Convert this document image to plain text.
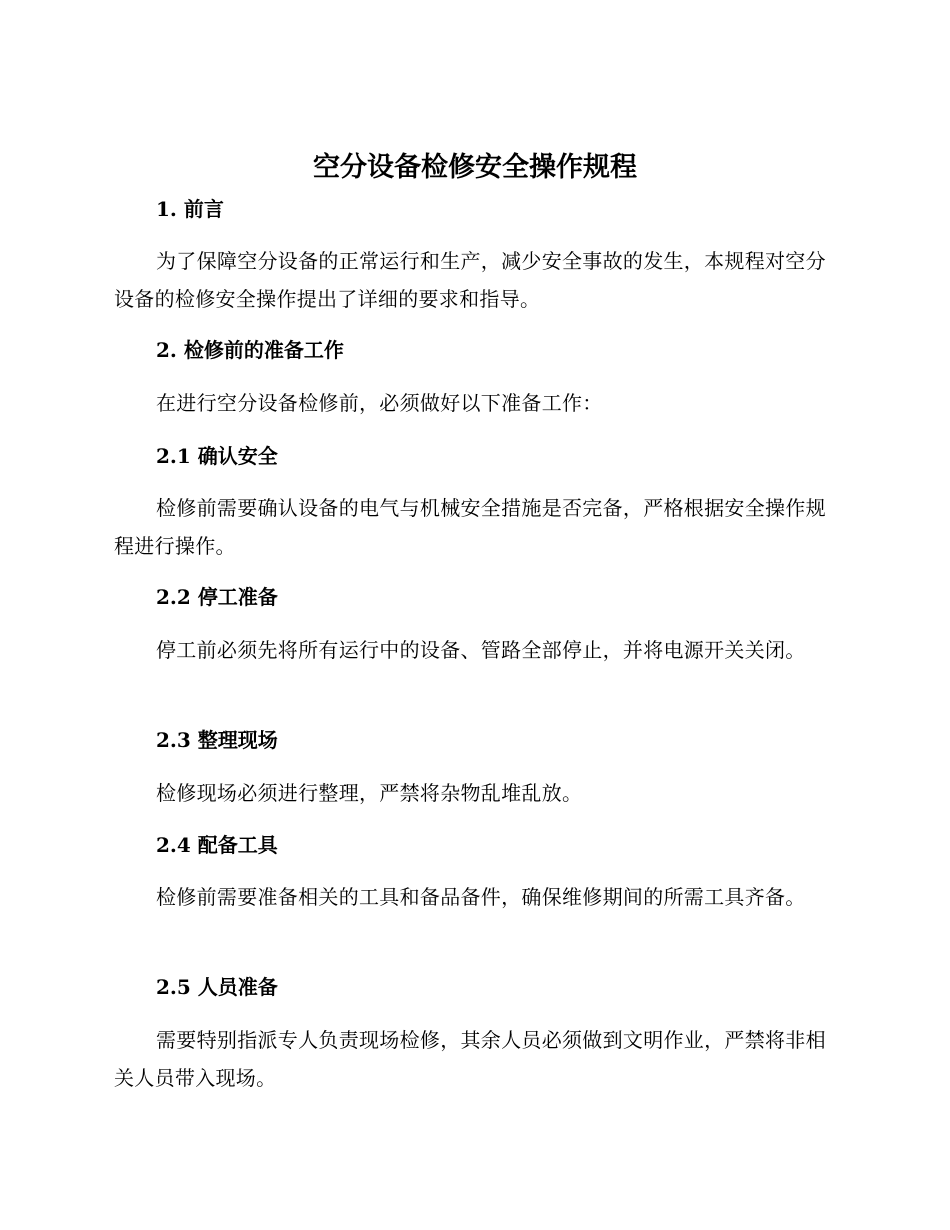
空分设备检修安全操作规程
1. 前言
为了保障空分设备的正常运行和生产，减少安全事故的发生，本规程对空分设备的检修安全操作提出了详细的要求和指导。
2. 检修前的准备工作
在进行空分设备检修前，必须做好以下准备工作：
2.1 确认安全
检修前需要确认设备的电气与机械安全措施是否完备，严格根据安全操作规程进行操作。
2.2 停工准备
停工前必须先将所有运行中的设备、管路全部停止，并将电源开关关闭。
2.3 整理现场
检修现场必须进行整理，严禁将杂物乱堆乱放。
2.4 配备工具
检修前需要准备相关的工具和备品备件，确保维修期间的所需工具齐备。
2.5 人员准备
需要特别指派专人负责现场检修，其余人员必须做到文明作业，严禁将非相关人员带入现场。
